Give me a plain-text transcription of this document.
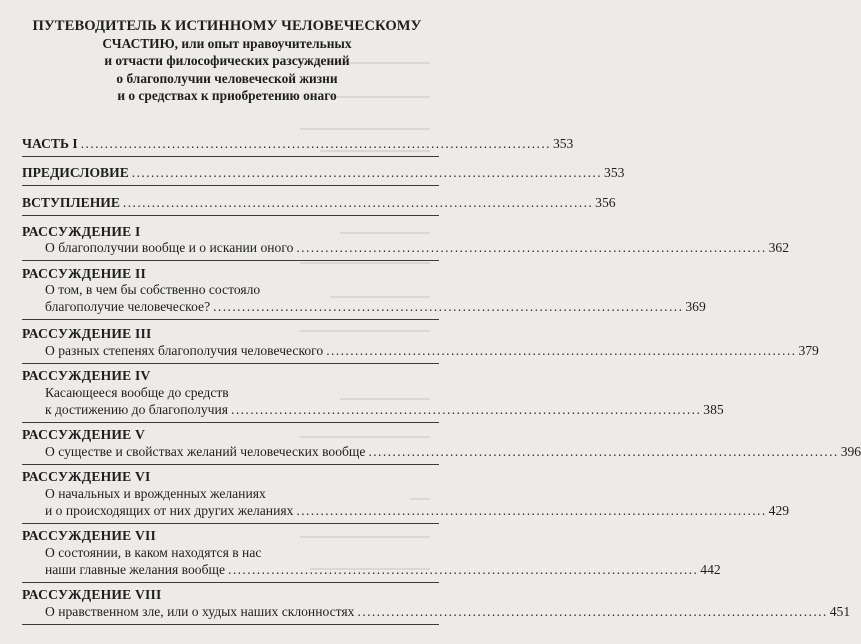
ПУТЕВОДИТЕЛЬ К ИСТИННОМУ ЧЕЛОВЕЧЕСКОМУ
СЧАСТИЮ, или опыт нравоучительных
и отчасти философических разсуждений
о благополучии человеческой жизни
и о средствах к приобретению онаго
ЧАСТЬ I .................................................................................................. 353
ПРЕДИСЛОВИЕ .................................................................................................. 353
ВСТУПЛЕНИЕ .................................................................................................. 356
РАССУЖДЕНИЕ I
О благополучии вообще и о искании оного .................................................................................................. 362
РАССУЖДЕНИЕ II
О том, в чем бы собственно состояло
благополучие человеческое? .................................................................................................. 369
РАССУЖДЕНИЕ III
О разных степенях благополучия человеческого .................................................................................................. 379
РАССУЖДЕНИЕ IV
Касающееся вообще до средств
к достижению до благополучия .................................................................................................. 385
РАССУЖДЕНИЕ V
О существе и свойствах желаний человеческих вообще .................................................................................................. 396
РАССУЖДЕНИЕ VI
О начальных и врожденных желаниях
и о происходящих от них других желаниях .................................................................................................. 429
РАССУЖДЕНИЕ VII
О состоянии, в каком находятся в нас
наши главные желания вообще .................................................................................................. 442
РАССУЖДЕНИЕ VIII
О нравственном зле, или о худых наших склонностях .................................................................................................. 451
